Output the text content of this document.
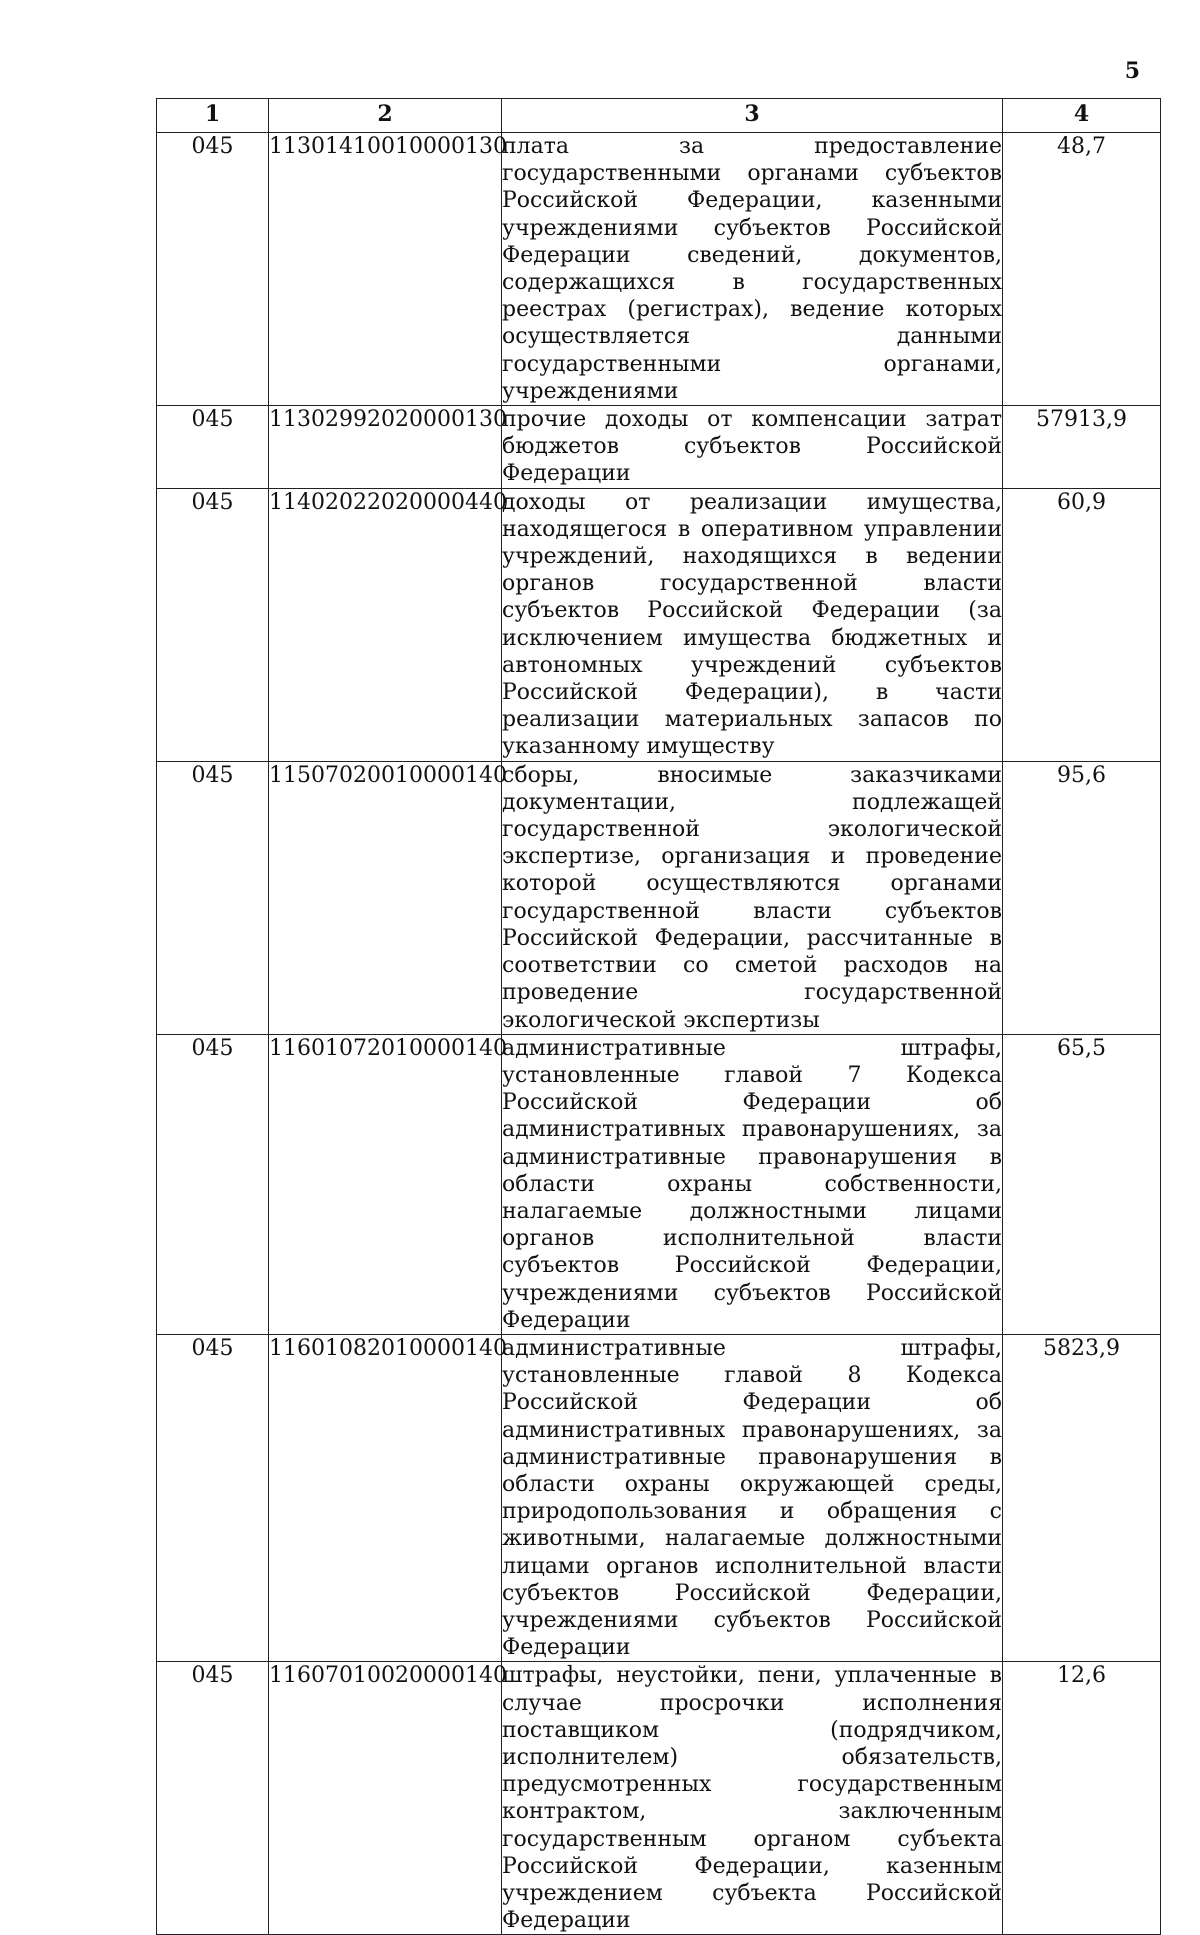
5
1	2	3	4
045	11301410010000130	плата за предоставление государственными органами субъектов Российской Федерации, казенными учреждениями субъектов Российской Федерации сведений, документов, содержащихся в государственных реестрах (регистрах), ведение которых осуществляется данными государственными органами, учреждениями	48,7
045	11302992020000130	прочие доходы от компенсации затрат бюджетов субъектов Российской Федерации	57913,9
045	11402022020000440	доходы от реализации имущества, находящегося в оперативном управлении учреждений, находящихся в ведении органов государственной власти субъектов Российской Федерации (за исключением имущества бюджетных и автономных учреждений субъектов Российской Федерации), в части реализации материальных запасов по указанному имуществу	60,9
045	11507020010000140	сборы, вносимые заказчиками документации, подлежащей государственной экологической экспертизе, организация и проведение которой осуществляются органами государственной власти субъектов Российской Федерации, рассчитанные в соответствии со сметой расходов на проведение государственной экологической экспертизы	95,6
045	11601072010000140	административные штрафы, установленные главой 7 Кодекса Российской Федерации об административных правонарушениях, за административные правонарушения в области охраны собственности, налагаемые должностными лицами органов исполнительной власти субъектов Российской Федерации, учреждениями субъектов Российской Федерации	65,5
045	11601082010000140	административные штрафы, установленные главой 8 Кодекса Российской Федерации об административных правонарушениях, за административные правонарушения в области охраны окружающей среды, природопользования и обращения с животными, налагаемые должностными лицами органов исполнительной власти субъектов Российской Федерации, учреждениями субъектов Российской Федерации	5823,9
045	11607010020000140	штрафы, неустойки, пени, уплаченные в случае просрочки исполнения поставщиком (подрядчиком, исполнителем) обязательств, предусмотренных государственным контрактом, заключенным государственным органом субъекта Российской Федерации, казенным учреждением субъекта Российской Федерации	12,6
